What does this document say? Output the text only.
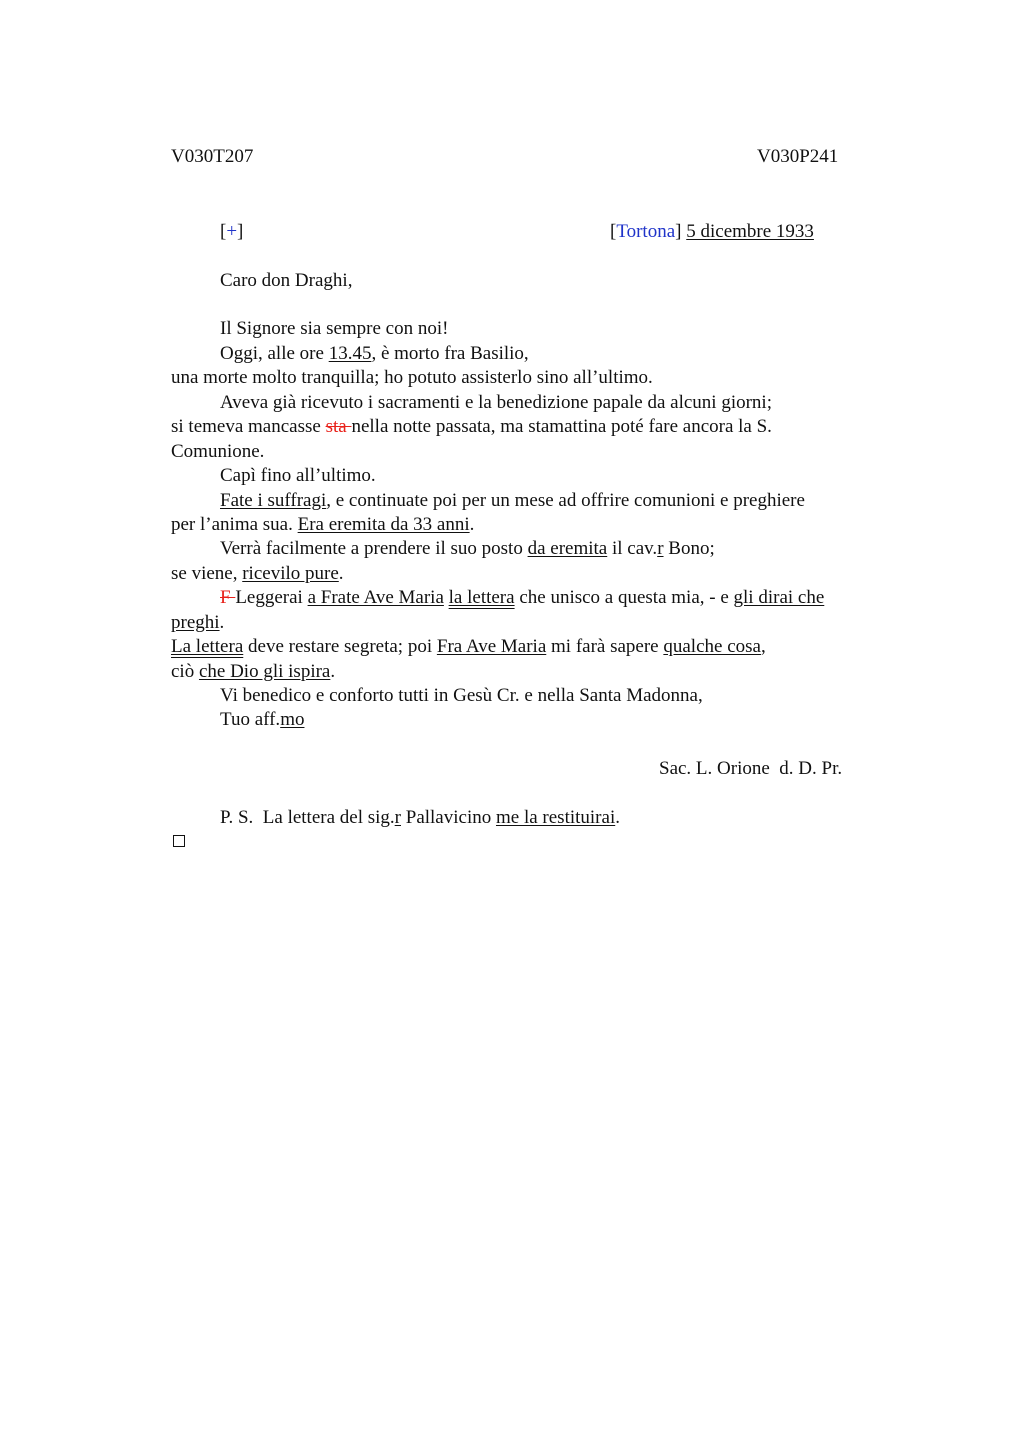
V030T207	V030P241
[+]	[Tortona] 5 dicembre 1933
Caro don Draghi,
Il Signore sia sempre con noi!
Oggi, alle ore 13.45, è morto fra Basilio,
una morte molto tranquilla; ho potuto assisterlo sino all’ultimo.
Aveva già ricevuto i sacramenti e la benedizione papale da alcuni giorni;
si temeva mancasse sta nella notte passata, ma stamattina poté fare ancora la S.
Comunione.
Capì fino all’ultimo.
Fate i suffragi, e continuate poi per un mese ad offrire comunioni e preghiere
per l’anima sua. Era eremita da 33 anni.
Verrà facilmente a prendere il suo posto da eremita il cav.r Bono;
se viene, ricevilo pure.
F Leggerai a Frate Ave Maria la lettera che unisco a questa mia, - e gli dirai che
preghi.
La lettera deve restare segreta; poi Fra Ave Maria mi farà sapere qualche cosa,
ciò che Dio gli ispira.
Vi benedico e conforto tutti in Gesù Cr. e nella Santa Madonna,
Tuo aff.mo
Sac. L. Orione  d. D. Pr.
P. S.  La lettera del sig.r Pallavicino me la restituirai.
